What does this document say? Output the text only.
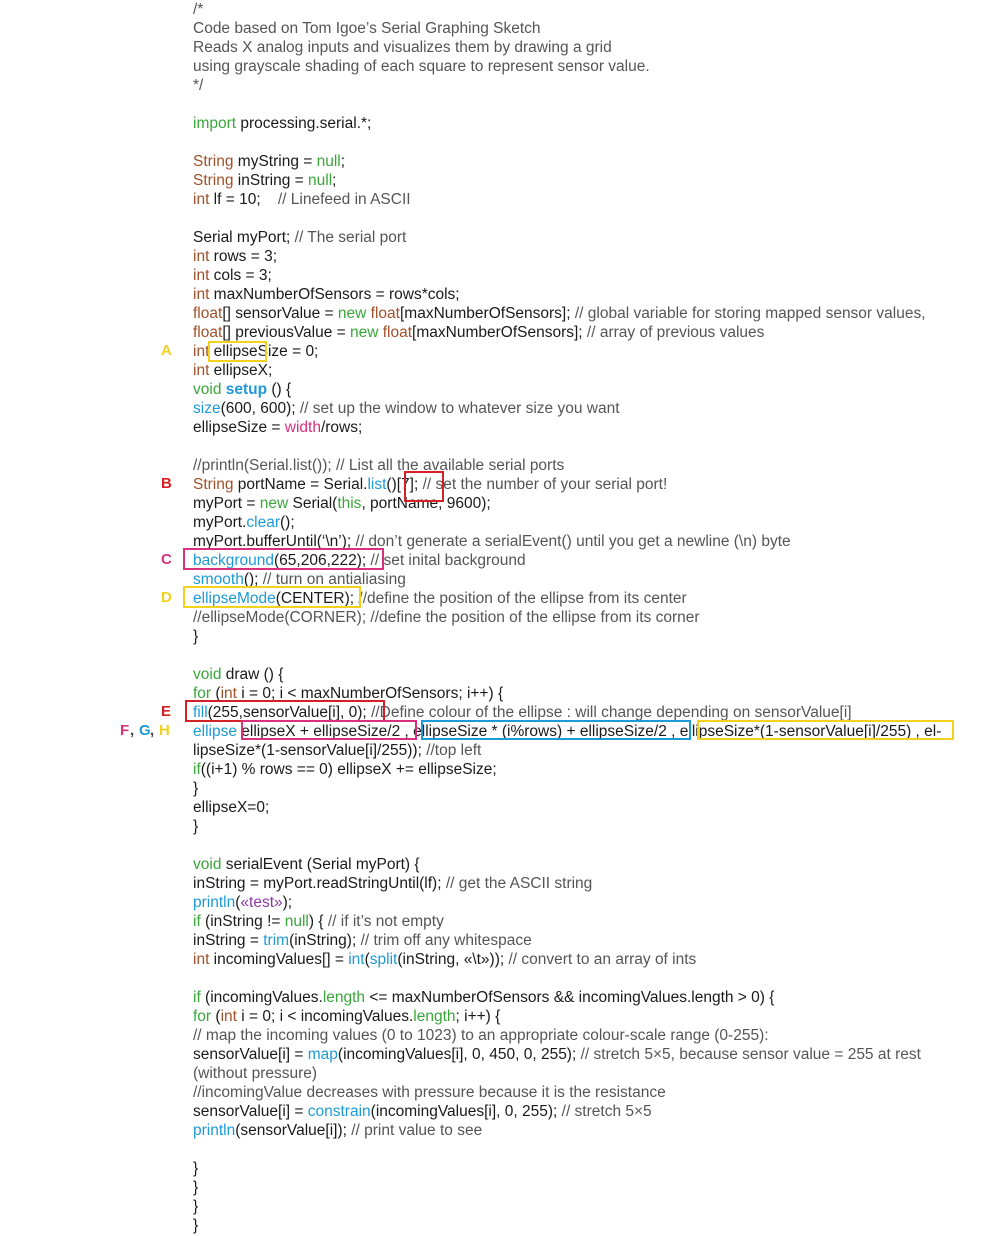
/*
Code based on Tom Igoe’s Serial Graphing Sketch
Reads X analog inputs and visualizes them by drawing a grid
using grayscale shading of each square to represent sensor value.
*/
import processing.serial.*;
String myString = null;
String inString = null;
int lf = 10;    // Linefeed in ASCII
Serial myPort; // The serial port
int rows = 3;
int cols = 3;
int maxNumberOfSensors = rows*cols;
float[] sensorValue = new float[maxNumberOfSensors]; // global variable for storing mapped sensor values,
float[] previousValue = new float[maxNumberOfSensors]; // array of previous values
int ellipseSize = 0;
int ellipseX;
void setup () {
size(600, 600); // set up the window to whatever size you want
ellipseSize = width/rows;
//println(Serial.list()); // List all the available serial ports
String portName = Serial.list()[7]; // set the number of your serial port!
myPort = new Serial(this, portName, 9600);
myPort.clear();
myPort.bufferUntil(‘\n’); // don’t generate a serialEvent() until you get a newline (\n) byte
background(65,206,222); // set inital background
smooth(); // turn on antialiasing
ellipseMode(CENTER); //define the position of the ellipse from its center
//ellipseMode(CORNER); //define the position of the ellipse from its corner
}
void draw () {
for (int i = 0; i < maxNumberOfSensors; i++) {
fill(255,sensorValue[i], 0); //Define colour of the ellipse : will change depending on sensorValue[i]
ellipse ellipseX + ellipseSize/2 , ellipseSize * (i%rows) + ellipseSize/2 , ellipseSize*(1-sensorValue[i]/255) , el-
lipseSize*(1-sensorValue[i]/255)); //top left
if((i+1) % rows == 0) ellipseX += ellipseSize;
}
ellipseX=0;
}
void serialEvent (Serial myPort) {
inString = myPort.readStringUntil(lf); // get the ASCII string
println(«test»);
if (inString != null) { // if it’s not empty
inString = trim(inString); // trim off any whitespace
int incomingValues[] = int(split(inString, «\t»)); // convert to an array of ints
if (incomingValues.length <= maxNumberOfSensors && incomingValues.length > 0) {
for (int i = 0; i < incomingValues.length; i++) {
// map the incoming values (0 to 1023) to an appropriate colour-scale range (0-255):
sensorValue[i] = map(incomingValues[i], 0, 450, 0, 255); // stretch 5×5, because sensor value = 255 at rest
(without pressure)
//incomingValue decreases with pressure because it is the resistance
sensorValue[i] = constrain(incomingValues[i], 0, 255); // stretch 5×5
println(sensorValue[i]); // print value to see
}
}
}
}
A
B
C
D
E
F , G , H
